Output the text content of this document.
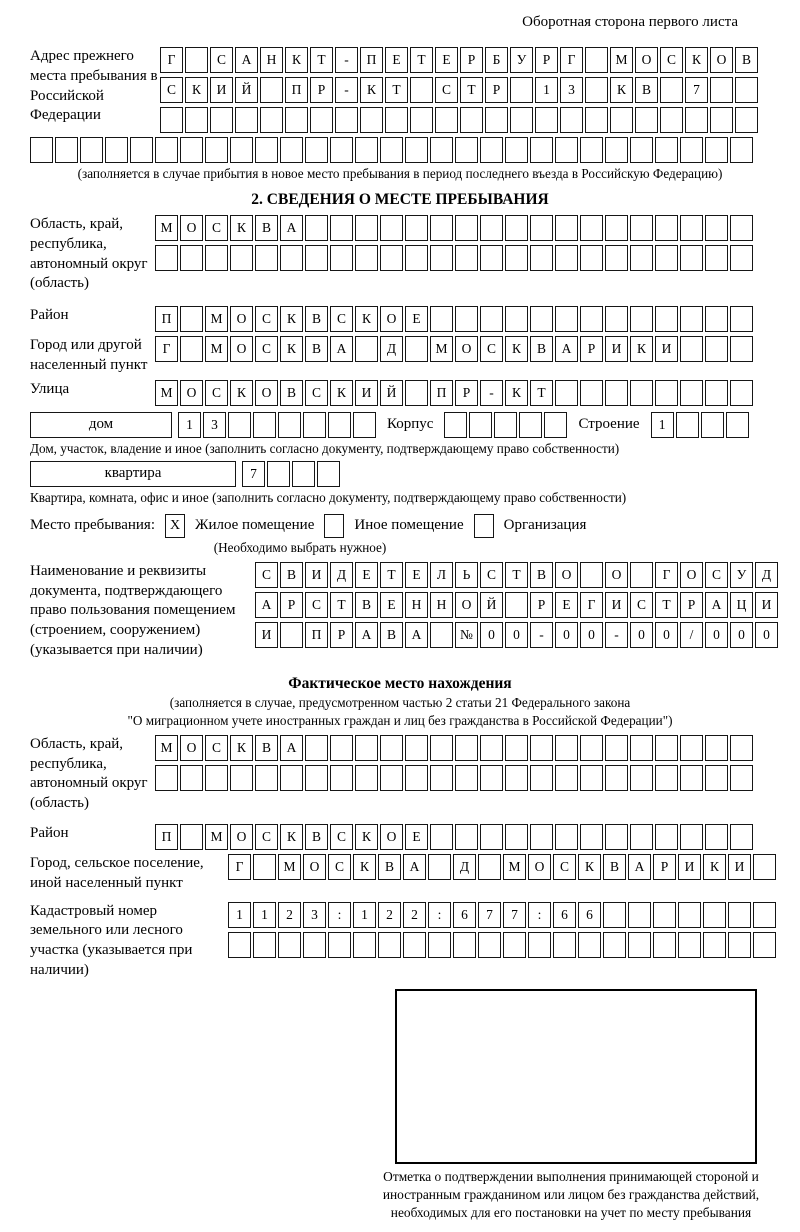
Оборотная сторона первого листа
Адрес прежнего места пребывания в Российской Федерации
Г	С	А	Н	К	Т	-	П	Е	Т	Е	Р	Б	У	Р	Г	М	О	С	К	О	В
С	К	И	Й	П	Р	-	К	Т	С	Т	Р	1	3	К	В	7
(заполняется в случае прибытия в новое место пребывания в период последнего въезда в Российскую Федерацию)
2. СВЕДЕНИЯ О МЕСТЕ ПРЕБЫВАНИЯ
Область, край, республика, автономный округ (область)
М	О	С	К	В	А
Район	П	М	О	С	К	В	С	К	О	Е
Город или другой населенный пункт
Г	М	О	С	К	В	А	Д	М	О	С	К	В	А	Р	И	К	И
Улица	М	О	С	К	О	В	С	К	И	Й	П	Р	-	К	Т
дом	1	3	Корпус	Строение	1
Дом, участок, владение и иное (заполнить согласно документу, подтверждающему право собственности)
квартира	7
Квартира, комната, офис и иное (заполнить согласно документу, подтверждающему право собственности)
Место пребывания:	X Жилое помещение	Иное помещение	Организация
(Необходимо выбрать нужное)
Наименование и реквизиты документа, подтверждающего право пользования помещением (строением, сооружением) (указывается при наличии)
С	В	И	Д	Е	Т	Е	Л	Ь	С	Т	В	О	О	Г	О	С	У	Д
А	Р	С	Т	В	Е	Н	Н	О	Й	Р	Е	Г	И	С	Т	Р	А	Ц	И
И	П	Р	А	В	А	№	0	0	-	0	0	-	0	0	/	0	0	0
Фактическое место нахождения
(заполняется в случае, предусмотренном частью 2 статьи 21 Федерального закона
"О миграционном учете иностранных граждан и лиц без гражданства в Российской Федерации")
Область, край, республика, автономный округ (область)
М	О	С	К	В	А
Район	П	М	О	С	К	В	С	К	О	Е
Город, сельское поселение, иной населенный пункт
Г	М	О	С	К	В	А	Д	М	О	С	К	В	А	Р	И	К	И
Кадастровый номер земельного или лесного участка (указывается при наличии)
1	1	2	3	:	1	2	2	:	6	7	7	:	6	6
Отметка о подтверждении выполнения принимающей стороной и иностранным гражданином или лицом без гражданства действий, необходимых для его постановки на учет по месту пребывания
